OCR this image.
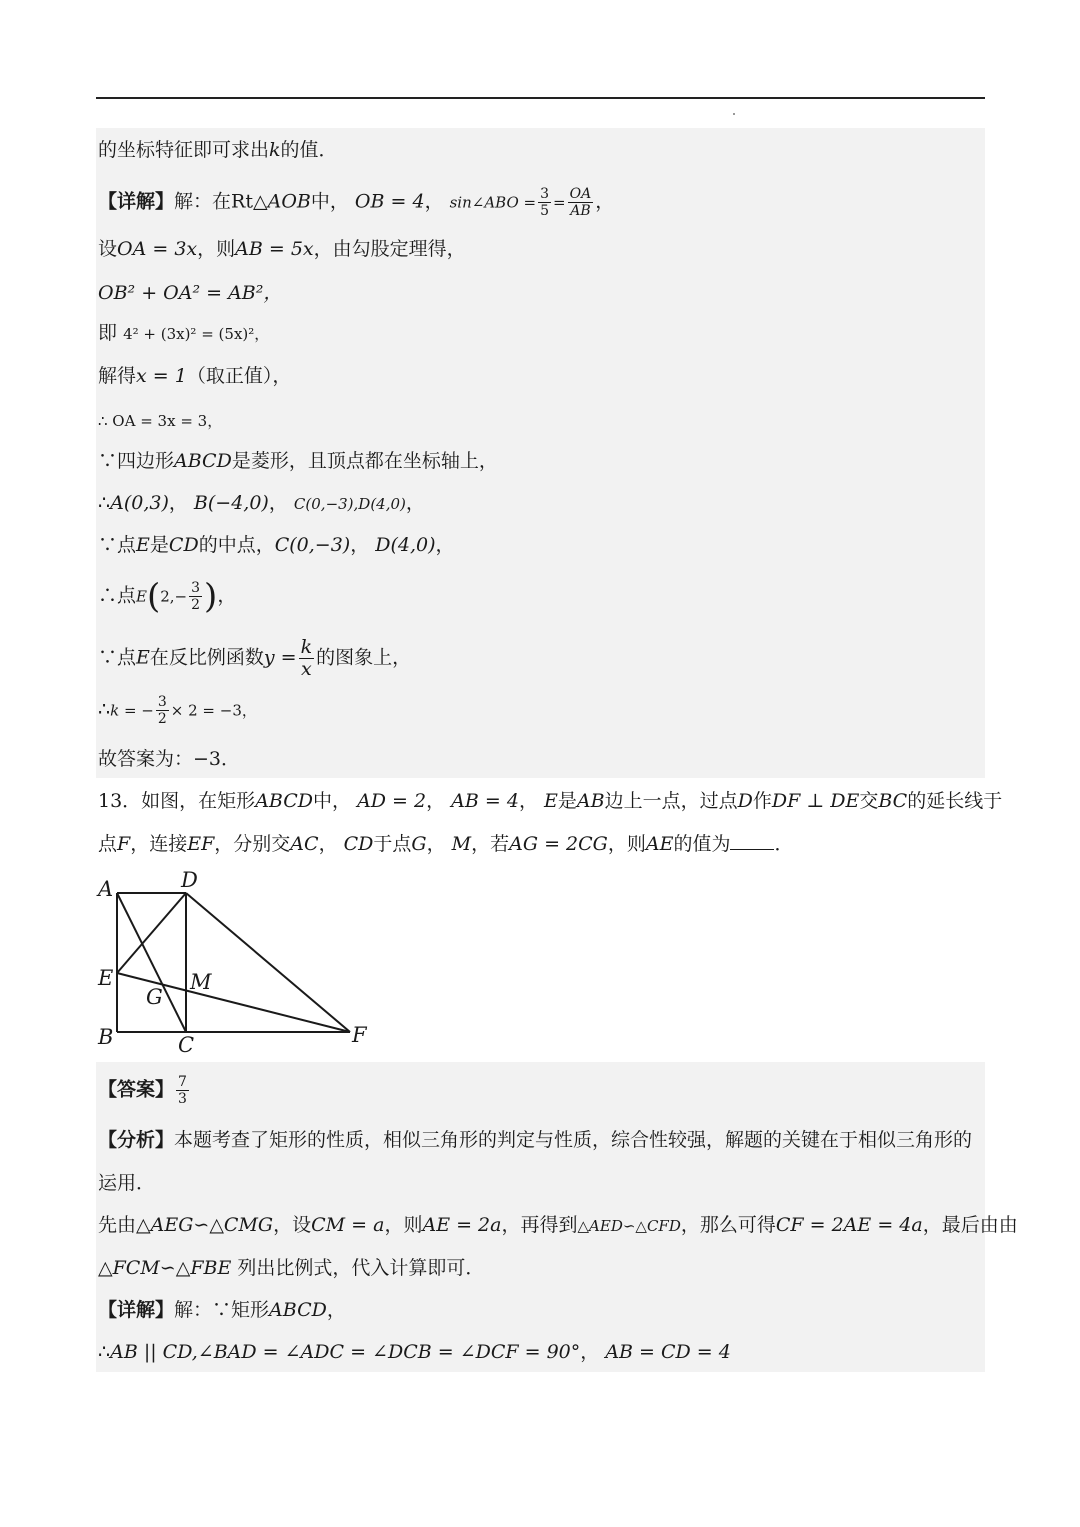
的坐标特征即可求出k的值．
【详解】解：在Rt△AOB中， OB = 4， sin∠ABO = $\frac{3}{5} = \frac{OA}{AB}$ ，
设OA = 3x，则AB = 5x，由勾股定理得，
OB² + OA² = AB²，
即 4² + (3x)² = (5x)²，
解得x = 1（取正值），
∴ OA = 3x = 3，
∵四边形ABCD是菱形，且顶点都在坐标轴上，
∴A(0,3)， B(−4,0)， C(0,−3),D(4,0)，
∵点E是CD的中点，C(0,−3)， D(4,0)，
∴点$E(2,- \frac{3}{2}$ )，
∵点E在反比例函数$y = \frac{k}{x}$ 的图象上，
∴k = − $\frac{3}{2} \times 2 = -3$，
故答案为：−3．
13．如图，在矩形ABCD中， AD = 2， AB = 4， E是AB边上一点，过点D作DF ⊥ DE交BC的延长线于
点F，连接EF，分别交AC， CD于点G， M，若AG = 2CG，则AE的值为 ．
A	D
E
G
M
B	C	F
【答案】 $\frac{7}{3}$
【分析】本题考查了矩形的性质，相似三角形的判定与性质，综合性较强，解题的关键在于相似三角形的
运用．
先由△AEG∽△CMG，设CM = a，则AE = 2a，再得到△AED∽△CFD，那么可得CF = 2AE = 4a，最后由由
△FCM∽△FBE 列出比例式，代入计算即可．
【详解】解：∵矩形ABCD，
∴AB || CD,∠BAD = ∠ADC = ∠DCB = ∠DCF = 90°， AB = CD = 4
